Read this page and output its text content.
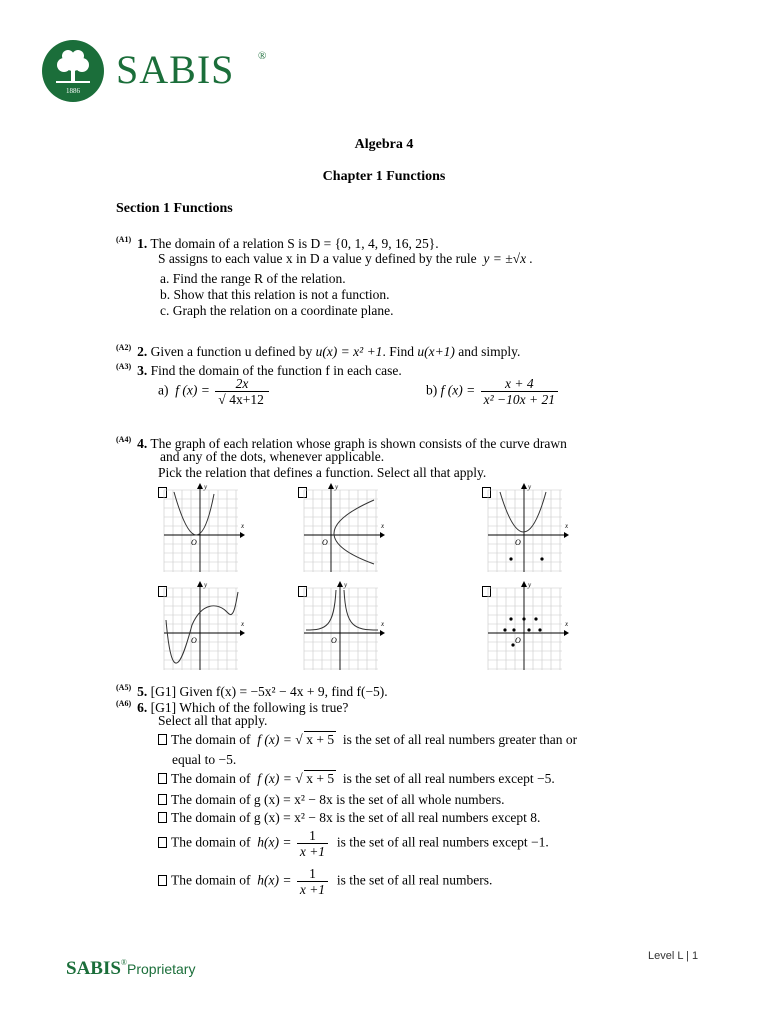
1886 SABIS ®
Algebra 4
Chapter 1 Functions
Section 1 Functions
$^{(A1)}$ 1. The domain of a relation S is D = {0, 1, 4, 9, 16, 25}.
S assigns to each value x in D a value y defined by the rule y = ±√x .
a. Find the range R of the relation.
b. Show that this relation is not a function.
c. Graph the relation on a coordinate plane.
$^{(A2)}$ 2. Given a function u defined by u(x) = x² +1. Find u(x+1) and simply.
$^{(A3)}$ 3. Find the domain of the function f in each case.
a) f (x) = 2x
√ 4x+12	b) f $(x) = \frac{x + 4}{\text{x² −10x + 21}}$
$^{(A4)}$ 4. The graph of each relation whose graph is shown consists of the curve drawn
and any of the dots, whenever applicable.
Pick the relation that defines a function. Select all that apply.
x
y
O
x
y
O
x
y
O
x
y
O
x
y
O
x
y
O
$^{(A5)}$ 5. [G1] Given f(x) = −5x² − 4x + 9, find f(−5).
$^{(A6)}$ 6. [G1] Which of the following is true?
Select all that apply.
The domain of f (x) = √ x + 5 is the set of all real numbers greater than or
equal to −5.
The domain of f (x) = √ x + 5 is the set of all real numbers except −5.
The domain of g (x) = x² − 8x is the set of all whole numbers.
The domain of g (x) = x² − 8x is the set of all real numbers except 8.
The domain of $h(x) = \frac{1}{x +1}$ is the set of all real numbers except −1.
The domain of $h(x) = \frac{1}{x +1}$ is the set of all real numbers.
SABIS®Proprietary
Level L | 1
